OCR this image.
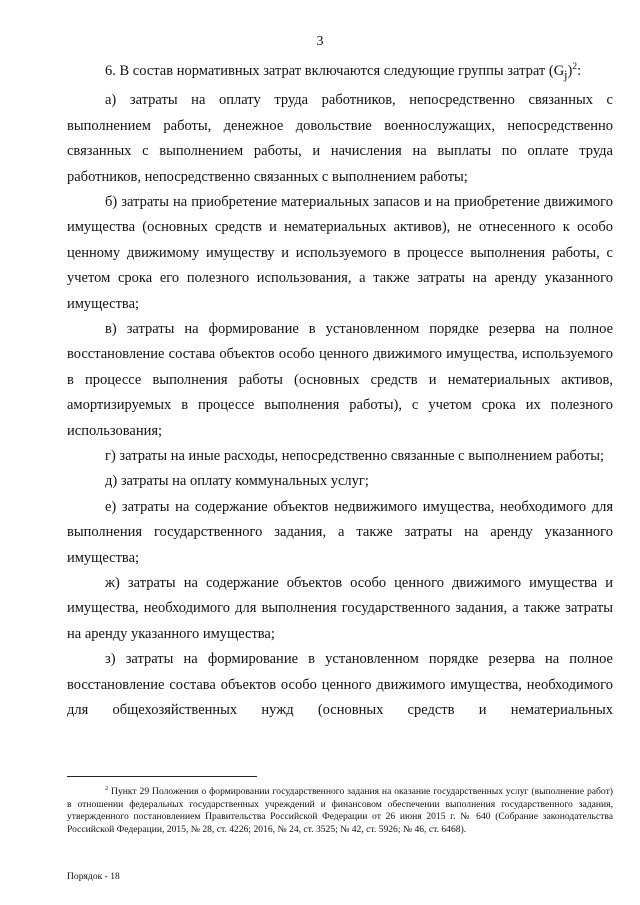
3

6. В состав нормативных затрат включаются следующие группы затрат $(G_j)^2$:

а) затраты на оплату труда работников, непосредственно связанных с выполнением работы, денежное довольствие военнослужащих, непосредственно связанных с выполнением работы, и начисления на выплаты по оплате труда работников, непосредственно связанных с выполнением работы;

б) затраты на приобретение материальных запасов и на приобретение движимого имущества (основных средств и нематериальных активов), не отнесенного к особо ценному движимому имуществу и используемого в процессе выполнения работы, с учетом срока его полезного использования, а также затраты на аренду указанного имущества;

в) затраты на формирование в установленном порядке резерва на полное восстановление состава объектов особо ценного движимого имущества, используемого в процессе выполнения работы (основных средств и нематериальных активов, амортизируемых в процессе выполнения работы), с учетом срока их полезного использования;

г) затраты на иные расходы, непосредственно связанные с выполнением работы;

д) затраты на оплату коммунальных услуг;

е) затраты на содержание объектов недвижимого имущества, необходимого для выполнения государственного задания, а также затраты на аренду указанного имущества;

ж) затраты на содержание объектов особо ценного движимого имущества и имущества, необходимого для выполнения государственного задания, а также затраты на аренду указанного имущества;

з) затраты на формирование в установленном порядке резерва на полное восстановление состава объектов особо ценного движимого имущества, необходимого для общехозяйственных нужд (основных средств и нематериальных

$^2$ Пункт 29 Положения о формировании государственного задания на оказание государственных услуг (выполнение работ) в отношении федеральных государственных учреждений и финансовом обеспечении выполнения государственного задания, утвержденного постановлением Правительства Российской Федерации от 26 июня 2015 г. № 640 (Собрание законодательства Российской Федерации, 2015, № 28, ст. 4226; 2016, № 24, ст. 3525; № 42, ст. 5926; № 46, ст. 6468).
Порядок - 18
